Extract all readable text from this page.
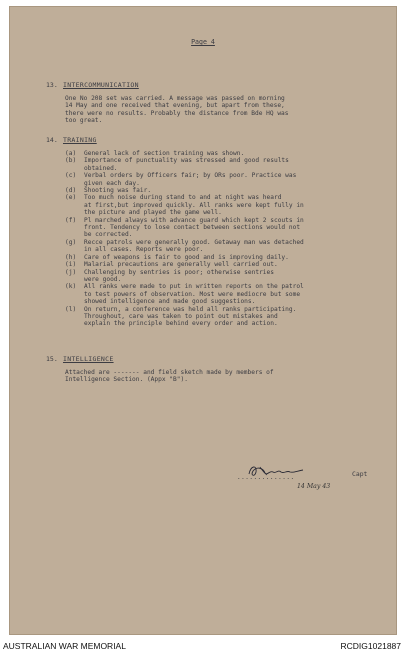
Page 4
13. INTERCOMMUNICATION
One No 208 set was carried. A message was passed on morning
14 May and one received that evening, but apart from these,
there were no results. Probably the distance from Bde HQ was
too great.
14. TRAINING
(a)	General lack of section training was shown.
(b)	Importance of punctuality was stressed and good results
obtained.
(c)	Verbal orders by Officers fair; by ORs poor. Practice was
given each day.
(d)	Shooting was fair.
(e)	Too much noise during stand to and at night was heard
at first,but improved quickly. All ranks were kept fully in
the picture and played the game well.
(f)	Pl marched always with advance guard which kept 2 scouts in
front. Tendency to lose contact between sections would not
be corrected.
(g)	Recce patrols were generally good. Getaway man was detached
in all cases. Reports were poor.
(h)	Care of weapons is fair to good and is improving daily.
(i)	Malarial precautions are generally well carried out.
(j)	Challenging by sentries is poor; otherwise sentries
were good.
(k)	All ranks were made to put in written reports on the patrol
to test powers of observation. Most were mediocre but some
showed intelligence and made good suggestions.
(l)	On return, a conference was held all ranks participating.
Throughout, care was taken to point out mistakes and
explain the principle behind every order and action.
15. INTELLIGENCE
Attached are ------- and field sketch made by members of
Intelligence Section. (Appx "B").
..............	Capt
14 May 43
AUSTRALIAN WAR MEMORIAL	RCDIG1021887
